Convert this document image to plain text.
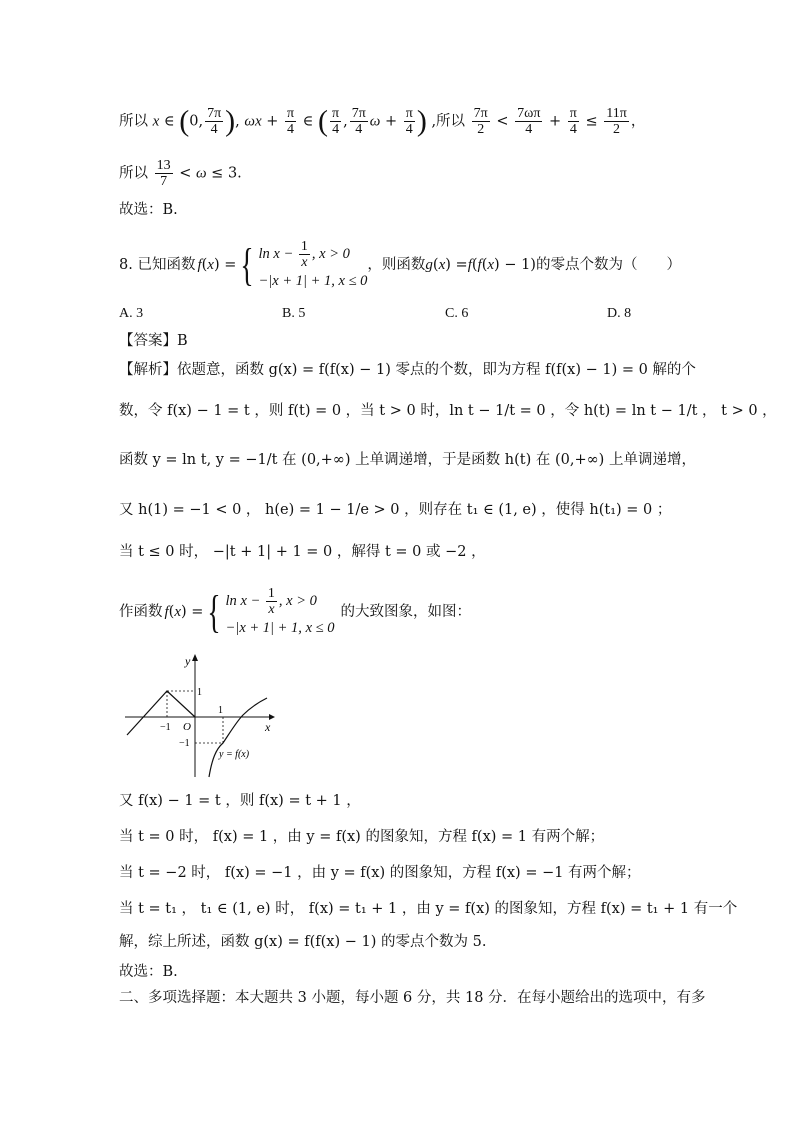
所以 x ∈ (0, $\frac{7\pi}{4}$ ), $\omega x + \frac{\pi}{4}$ ∈ ( $\frac{\pi}{4}$ , $\frac{7\pi}{4}$ $\omega + \frac{\pi}{4}$ ) ,所以 $\frac{7\pi}{2} < \frac{7\omega\pi}{4} + \frac{\pi}{4} \le \frac{11\pi}{2}$ ，
所以 $\frac{13}{7} < \omega \le 3$.
故选：B.
8. 已知函数 f ( x ) = { $\ln x - \frac{1}{x}$ , x > 0
−|x + 1| + 1, x ≤ 0
，则函数 g ( x ) = f ( f ( x ) − 1) 的零点个数为（　　）
A. 3	B. 5	C. 6	D. 8
【答案】B
【解析】依题意，函数 g(x) = f(f(x) − 1) 零点的个数，即为方程 f(f(x) − 1) = 0 解的个
数，令 f(x) − 1 = t ，则 f(t) = 0 ，当 t > 0 时，ln t − 1/t = 0 ，令 h(t) = ln t − 1/t ， t > 0 ，
函数 y = ln t, y = −1/t 在 (0,+∞) 上单调递增，于是函数 h(t) 在 (0,+∞) 上单调递增，
又 h(1) = −1 < 0 ， h(e) = 1 − 1/e > 0 ，则存在 t₁ ∈ (1, e) ，使得 h(t₁) = 0 ；
当 t ≤ 0 时， −|t + 1| + 1 = 0 ，解得 t = 0 或 −2 ，
作函数 f ( x ) = { $\ln x - \frac{1}{x}$ , x > 0
−|x + 1| + 1, x ≤ 0
的大致图象，如图：
y
x
O
1
−1
1
−1
y = f(x)
又 f(x) − 1 = t ，则 f(x) = t + 1 ，
当 t = 0 时， f(x) = 1 ，由 y = f(x) 的图象知，方程 f(x) = 1 有两个解；
当 t = −2 时， f(x) = −1 ，由 y = f(x) 的图象知，方程 f(x) = −1 有两个解；
当 t = t₁ ， t₁ ∈ (1, e) 时， f(x) = t₁ + 1 ，由 y = f(x) 的图象知，方程 f(x) = t₁ + 1 有一个
解，综上所述，函数 g(x) = f(f(x) − 1) 的零点个数为 5.
故选：B.
二、多项选择题：本大题共 3 小题，每小题 6 分，共 18 分．在每小题给出的选项中，有多
